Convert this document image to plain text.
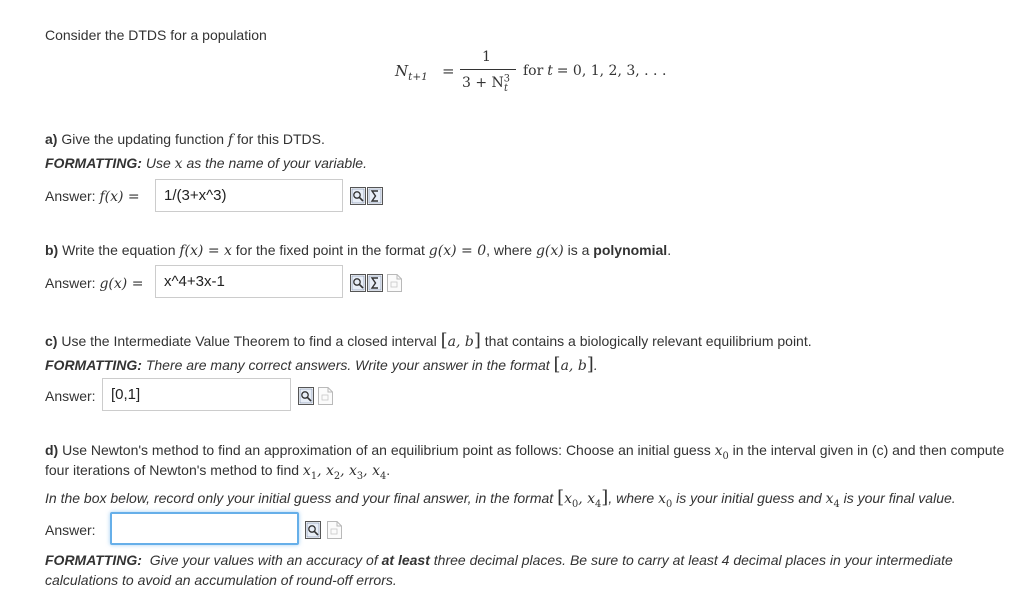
Consider the DTDS for a population
$N_{t+1}$ =
1
$3 + N^3_t$
for t = 0, 1, 2, 3, . . .
a) Give the updating function f for this DTDS.
FORMATTING: Use x as the name of your variable.
Answer: f(x) =	1/(3+x^3)
b) Write the equation f(x) = x for the fixed point in the format g(x) = 0, where g(x) is a polynomial.
Answer: g(x) =	x^4+3x-1
c) Use the Intermediate Value Theorem to find a closed interval [a, b] that contains a biologically relevant equilibrium point.
FORMATTING: There are many correct answers. Write your answer in the format [a, b].
Answer:	[0,1]
d) Use Newton's method to find an approximation of an equilibrium point as follows: Choose an initial guess $x_0$ in the interval given in (c) and then compute
four iterations of Newton's method to find $x_1$, $x_2$, $x_3$, $x_4$.
In the box below, record only your initial guess and your final answer, in the format [$x_0$, $x_4$], where $x_0$ is your initial guess and $x_4$ is your final value.
Answer:
FORMATTING: Give your values with an accuracy of at least three decimal places. Be sure to carry at least 4 decimal places in your intermediate
calculations to avoid an accumulation of round-off errors.
